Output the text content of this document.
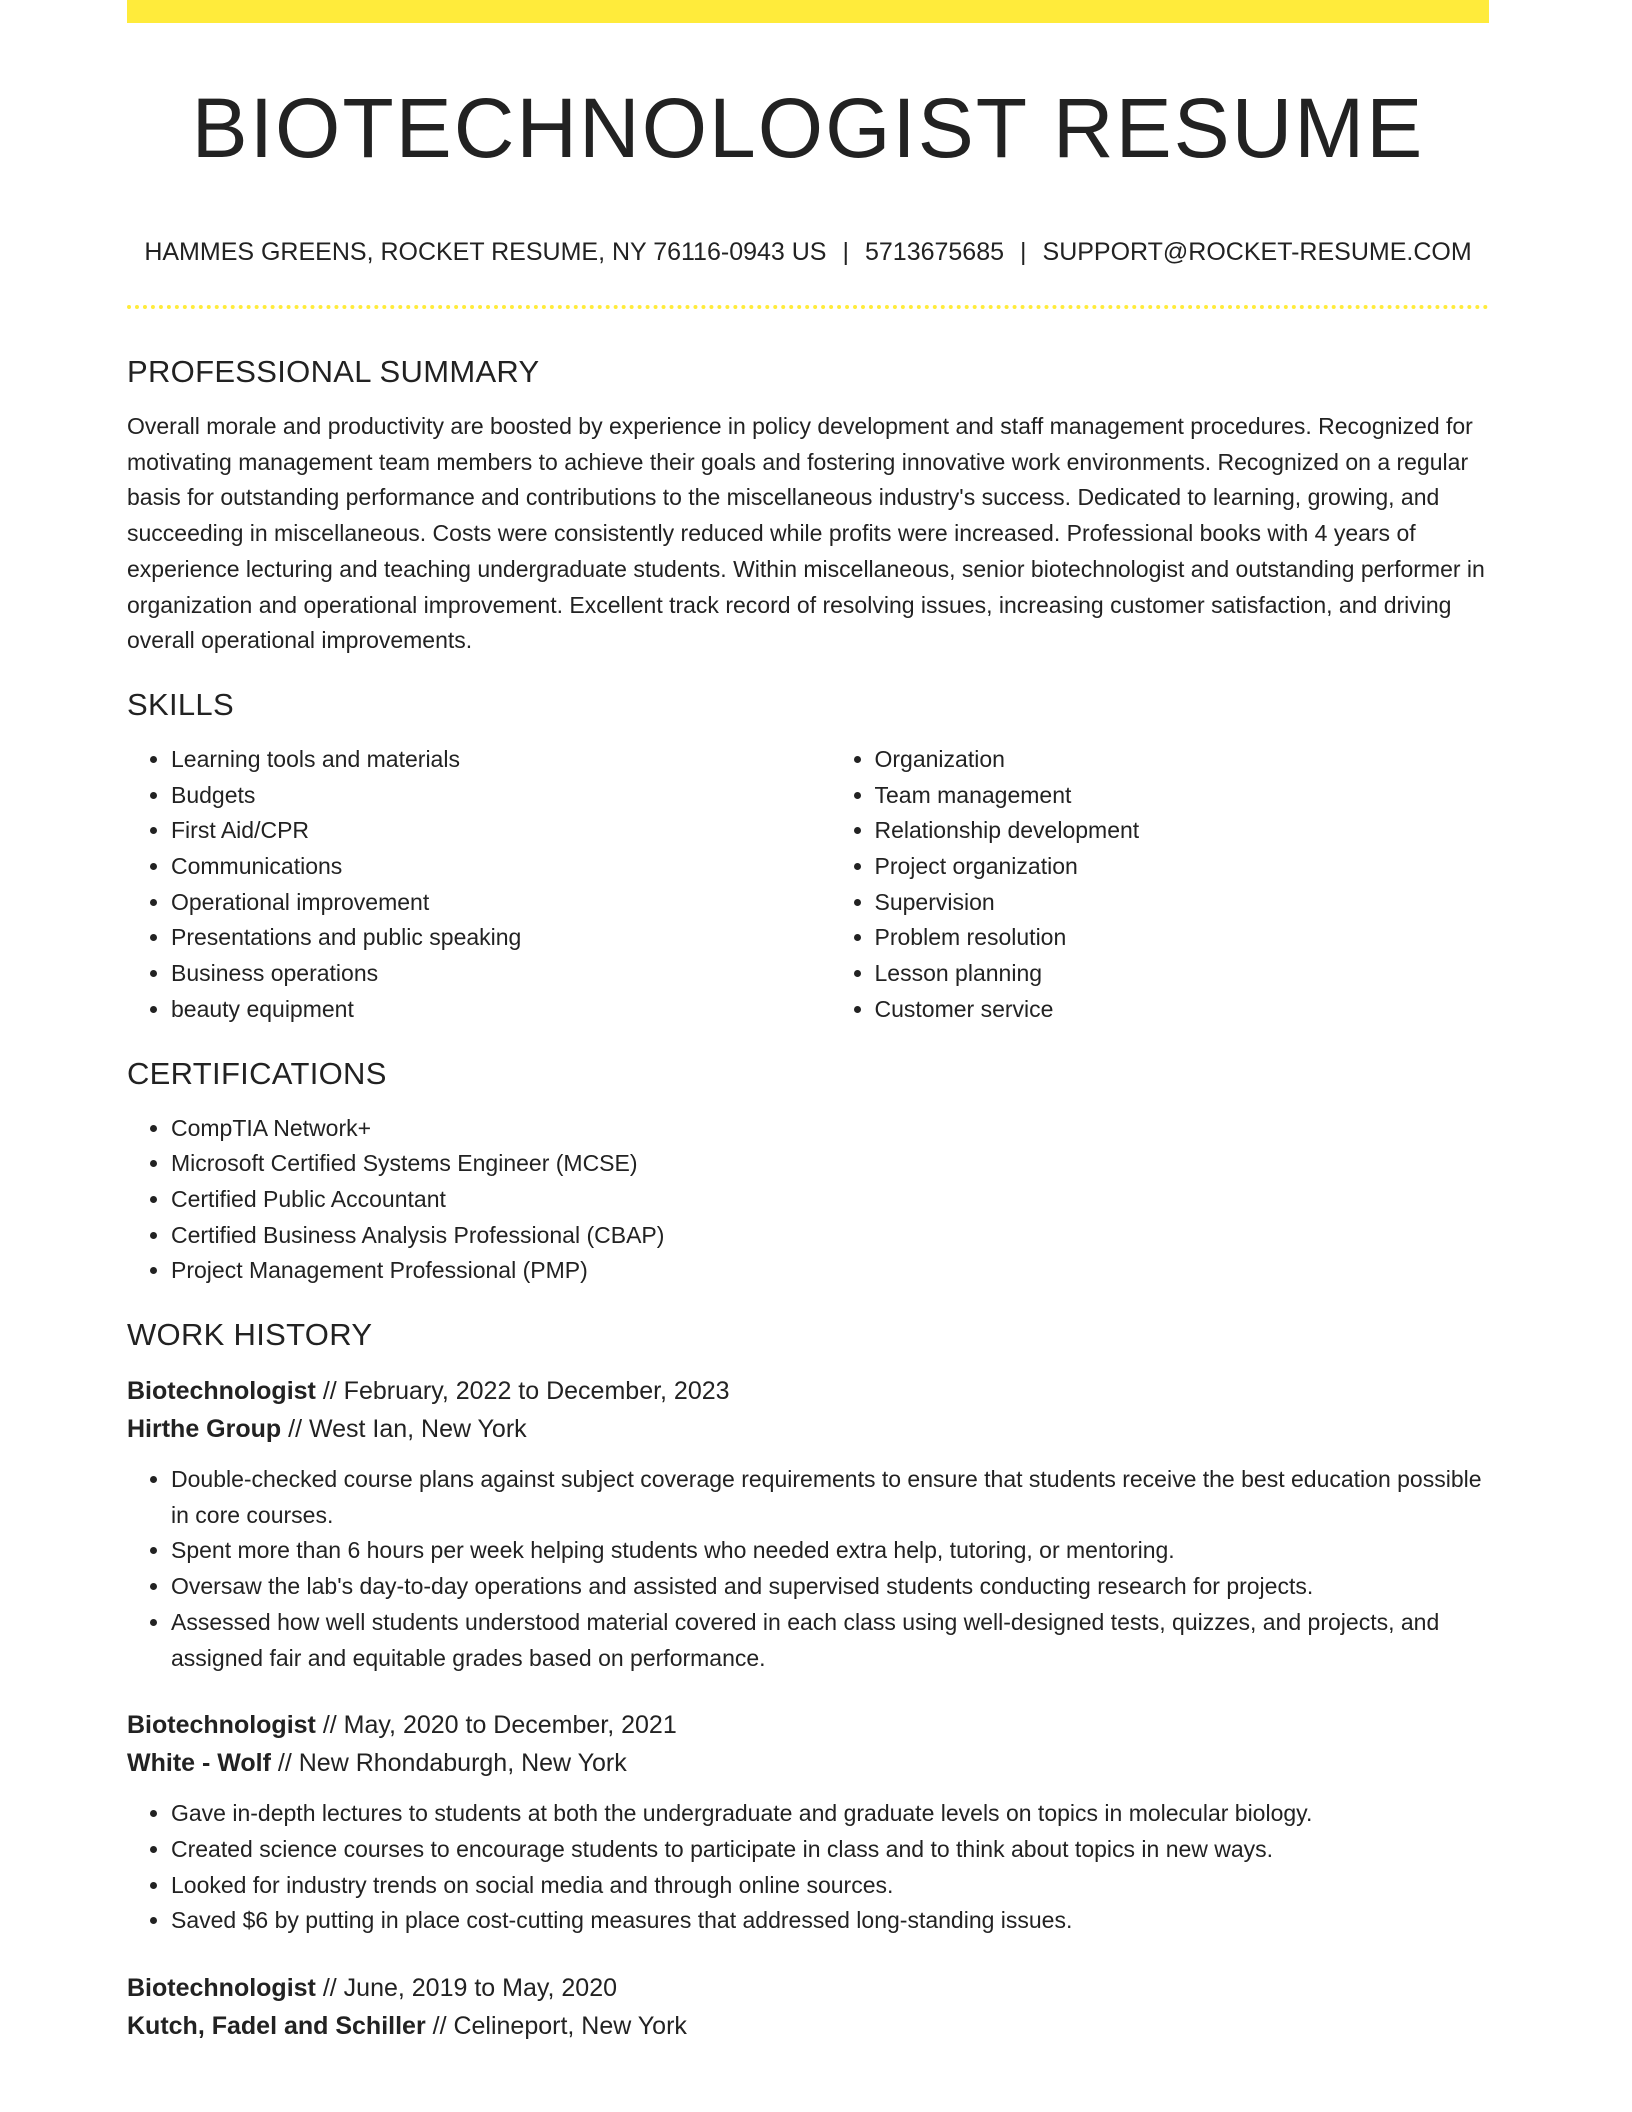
BIOTECHNOLOGIST RESUME
HAMMES GREENS, ROCKET RESUME, NY 76116-0943 US | 5713675685 | SUPPORT@ROCKET-RESUME.COM
PROFESSIONAL SUMMARY

Overall morale and productivity are boosted by experience in policy development and staff management procedures. Recognized for motivating management team members to achieve their goals and fostering innovative work environments. Recognized on a regular basis for outstanding performance and contributions to the miscellaneous industry's success. Dedicated to learning, growing, and succeeding in miscellaneous. Costs were consistently reduced while profits were increased. Professional books with 4 years of experience lecturing and teaching undergraduate students. Within miscellaneous, senior biotechnologist and outstanding performer in organization and operational improvement. Excellent track record of resolving issues, increasing customer satisfaction, and driving overall operational improvements.

SKILLS
• Learning tools and materials
• Budgets
• First Aid/CPR
• Communications
• Operational improvement
• Presentations and public speaking
• Business operations
• beauty equipment
• Organization
• Team management
• Relationship development
• Project organization
• Supervision
• Problem resolution
• Lesson planning
• Customer service
CERTIFICATIONS
• CompTIA Network+
• Microsoft Certified Systems Engineer (MCSE)
• Certified Public Accountant
• Certified Business Analysis Professional (CBAP)
• Project Management Professional (PMP)
WORK HISTORY

Biotechnologist // February, 2022 to December, 2023

Hirthe Group // West Ian, New York

• Double-checked course plans against subject coverage requirements to ensure that students receive the best education possible in core courses.
• Spent more than 6 hours per week helping students who needed extra help, tutoring, or mentoring.
• Oversaw the lab's day-to-day operations and assisted and supervised students conducting research for projects.
• Assessed how well students understood material covered in each class using well-designed tests, quizzes, and projects, and assigned fair and equitable grades based on performance.

Biotechnologist // May, 2020 to December, 2021

White - Wolf // New Rhondaburgh, New York

• Gave in-depth lectures to students at both the undergraduate and graduate levels on topics in molecular biology.
• Created science courses to encourage students to participate in class and to think about topics in new ways.
• Looked for industry trends on social media and through online sources.
• Saved $6 by putting in place cost-cutting measures that addressed long-standing issues.

Biotechnologist // June, 2019 to May, 2020

Kutch, Fadel and Schiller // Celineport, New York
